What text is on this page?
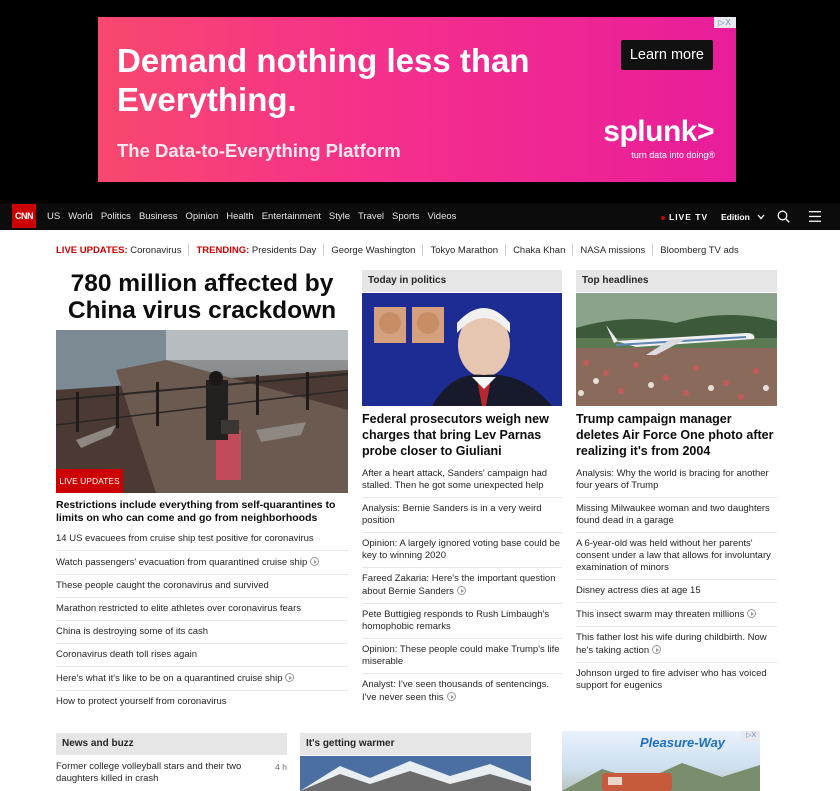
▷X
Demand nothing less than Everything.
The Data-to-Everything Platform
Learn more
splunk>
turn data into doing®
CNN	US World Politics Business Opinion Health Entertainment Style Travel Sports Videos	LIVE TV Edition
LIVE UPDATES:
Coronavirus TRENDING:
Presidents Day George Washington Tokyo Marathon Chaka Khan NASA missions Bloomberg TV ads
780 million affected by China virus crackdown
LIVE UPDATES
Restrictions include everything from self-quarantines to limits on who can come and go from neighborhoods
14 US evacuees from cruise ship test positive for coronavirus
Watch passengers' evacuation from quarantined cruise ship
These people caught the coronavirus and survived
Marathon restricted to elite athletes over coronavirus fears
China is destroying some of its cash
Coronavirus death toll rises again
Here's what it's like to be on a quarantined cruise ship
How to protect yourself from coronavirus
Today in politics
Federal prosecutors weigh new charges that bring Lev Parnas probe closer to Giuliani
After a heart attack, Sanders' campaign had stalled. Then he got some unexpected help
Analysis: Bernie Sanders is in a very weird position
Opinion: A largely ignored voting base could be key to winning 2020
Fareed Zakaria: Here's the important question about Bernie Sanders
Pete Buttigieg responds to Rush Limbaugh's homophobic remarks
Opinion: These people could make Trump's life miserable
Analyst: I've seen thousands of sentencings. I've never seen this
Top headlines
Trump campaign manager deletes Air Force One photo after realizing it's from 2004
Analysis: Why the world is bracing for another four years of Trump
Missing Milwaukee woman and two daughters found dead in a garage
A 6-year-old was held without her parents' consent under a law that allows for involuntary examination of minors
Disney actress dies at age 15
This insect swarm may threaten millions
This father lost his wife during childbirth. Now he's taking action
Johnson urged to fire adviser who has voiced support for eugenics
News and buzz
Former college volleyball stars and their two daughters killed in crash
4 h
It's getting warmer	Pleasure-Way	▷X
